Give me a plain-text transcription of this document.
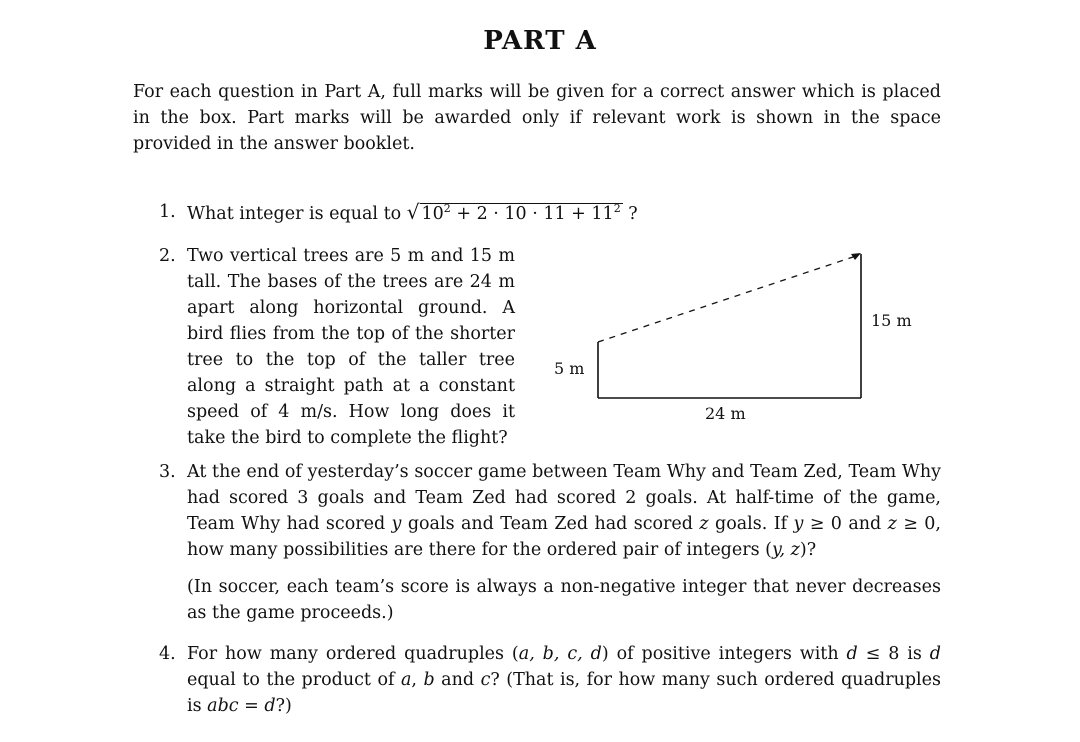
PART A

For each question in Part A, full marks will be given for a correct answer which is placed in the box. Part marks will be awarded only if relevant work is shown in the space provided in the answer booklet.

1. What integer is equal to √ $10^2 + 2 \cdot 10 \cdot 11 + 11^2$ ?
2. Two vertical trees are 5 m and 15 m tall. The bases of the trees are 24 m apart along horizontal ground. A bird flies from the top of the shorter tree to the top of the taller tree along a straight path at a constant speed of 4 m/s. How long does it take the bird to complete the flight?
5 m
15 m
24 m
3. At the end of yesterday’s soccer game between Team Why and Team Zed, Team Why had scored 3 goals and Team Zed had scored 2 goals. At half-time of the game, Team Why had scored y goals and Team Zed had scored z goals. If y ≥ 0 and z ≥ 0, how many possibilities are there for the ordered pair of integers (y, z)?

(In soccer, each team’s score is always a non-negative integer that never decreases as the game proceeds.)

4. For how many ordered quadruples (a, b, c, d) of positive integers with d ≤ 8 is d equal to the product of a, b and c? (That is, for how many such ordered quadruples is abc = d?)
